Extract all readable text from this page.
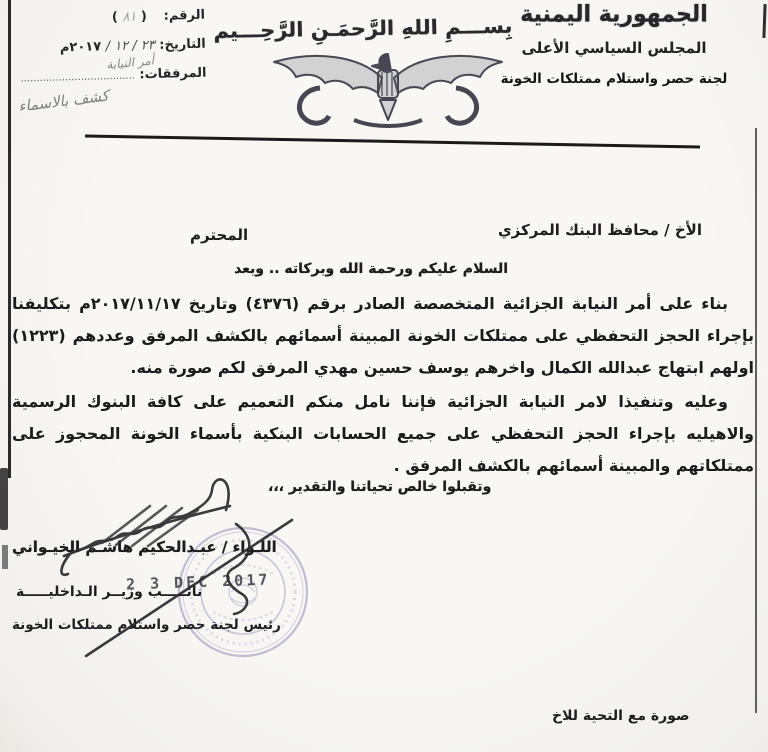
الرقم:     ( ٨١ )
التاريخ: ٢٣ / ١٢ / ٢٠١٧م
المرفقات: ....................................
أمر النيابة
كشف بالاسماء
بِســـمِ اللهِ الرَّحمَـنِ الرَّحِـــيم الجمهورية اليمنية
المجلس السياسي الأعلى
لجنة حصر واستلام ممتلكات الخونة
الأخ / محافظ البنك المركزي
المحترم
السلام عليكم ورحمة الله وبركاته .. وبعد

بناء على أمر النيابة الجزائية المتخصصة الصادر برقم (٤٣٧٦) وتاريخ ٢٠١٧/١١/١٧م بتكليفنا بإجراء الحجز التحفظي على ممتلكات الخونة المبينة أسمائهم بالكشف المرفق وعددهم (١٢٢٣) اولهم ابتهاج عبدالله الكمال واخرهم يوسف حسين مهدي المرفق لكم صورة منه.

وعليه وتنفيذا لامر النيابة الجزائية فإننا نامل منكم التعميم على كافة البنوك الرسمية والاهيليه بإجراء الحجز التحفظي على جميع الحسابات البنكية بأسماء الخونة المحجوز على ممتلكاتهم والمبينة أسمائهم بالكشف المرفق .

وتقبلوا خالص تحياتنا والتقدير ،،،
اللـواء / عبـدالحكيم هاشـم الخيـواني
نائـــــب وزيــر الـداخليـــــة
رئيس لجنة حصر واستلام ممتلكات الخونة
2 3 DEC 2017
صورة مع التحية للاخ
